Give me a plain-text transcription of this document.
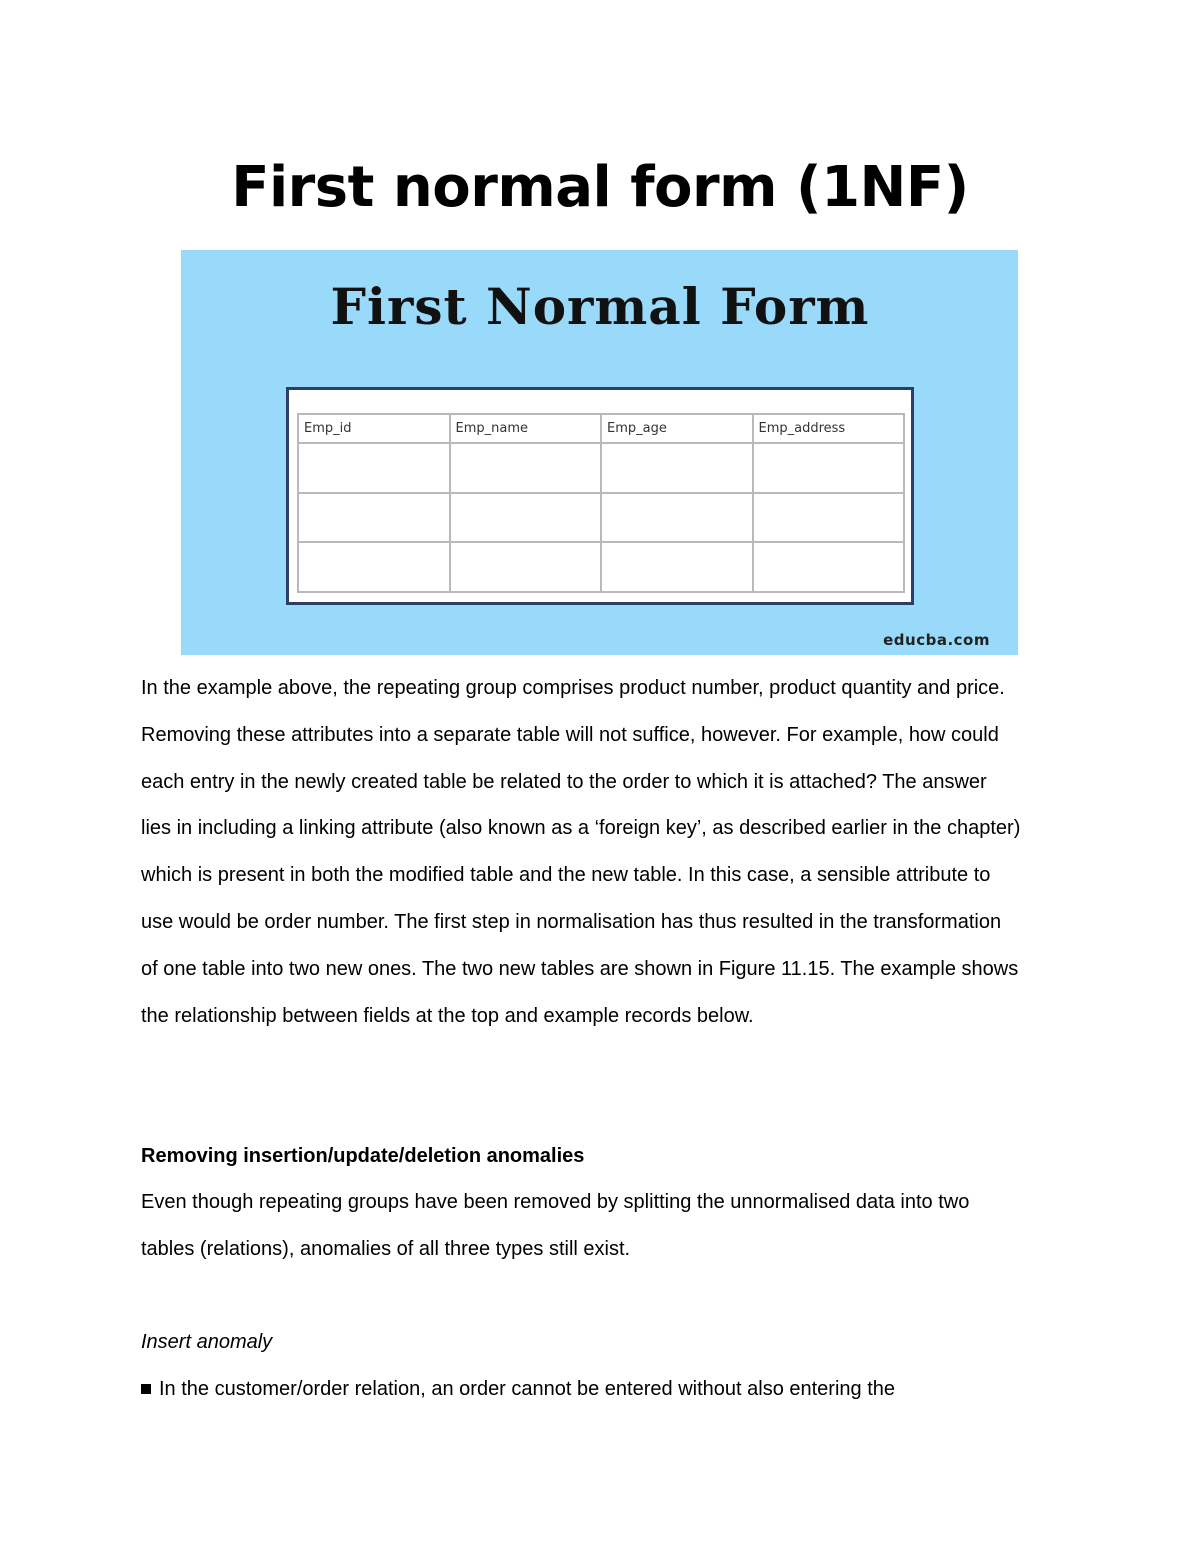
First normal form (1NF)
First Normal Form
Emp_id	Emp_name	Emp_age	Emp_address

educba.com

In the example above, the repeating group comprises product number, product quantity and price. Removing these attributes into a separate table will not suffice, however. For example, how could each entry in the newly created table be related to the order to which it is attached? The answer lies in including a linking attribute (also known as a ‘foreign key’, as described earlier in the chapter) which is present in both the modified table and the new table. In this case, a sensible attribute to use would be order number. The first step in normalisation has thus resulted in the transformation of one table into two new ones. The two new tables are shown in Figure 11.15. The example shows the relationship between fields at the top and example records below.

Removing insertion/update/deletion anomalies

Even though repeating groups have been removed by splitting the unnormalised data into two tables (relations), anomalies of all three types still exist.

Insert anomaly

In the customer/order relation, an order cannot be entered without also entering the
